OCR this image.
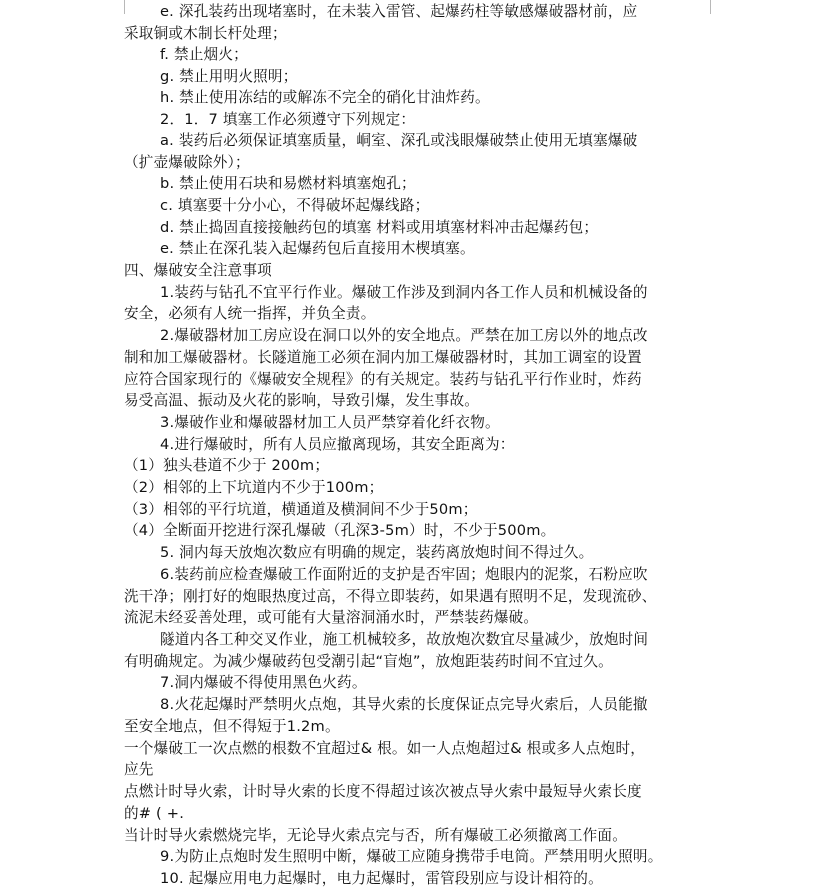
e. 深孔装药出现堵塞时，在未装入雷管、起爆药柱等敏感爆破器材前，应
采取铜或木制长杆处理；
f. 禁止烟火；
g. 禁止用明火照明；
h. 禁止使用冻结的或解冻不完全的硝化甘油炸药。
2．1．7 填塞工作必须遵守下列规定：
a. 装药后必须保证填塞质量，峒室、深孔或浅眼爆破禁止使用无填塞爆破
（扩壶爆破除外）；
b. 禁止使用石块和易燃材料填塞炮孔；
c. 填塞要十分小心，不得破坏起爆线路；
d. 禁止捣固直接接触药包的填塞 材料或用填塞材料冲击起爆药包；
e. 禁止在深孔装入起爆药包后直接用木楔填塞。
四、爆破安全注意事项
1.装药与钻孔不宜平行作业。爆破工作涉及到洞内各工作人员和机械设备的
安全，必须有人统一指挥，并负全责。
2.爆破器材加工房应设在洞口以外的安全地点。严禁在加工房以外的地点改
制和加工爆破器材。长隧道施工必须在洞内加工爆破器材时，其加工调室的设置
应符合国家现行的《爆破安全规程》的有关规定。装药与钻孔平行作业时，炸药
易受高温、振动及火花的影响，导致引爆，发生事故。
3.爆破作业和爆破器材加工人员严禁穿着化纤衣物。
4.进行爆破时，所有人员应撤离现场，其安全距离为：
（1）独头巷道不少于 200m；
（2）相邻的上下坑道内不少于100m；
（3）相邻的平行坑道，横通道及横洞间不少于50m；
（4）全断面开挖进行深孔爆破（孔深3-5m）时，不少于500m。
5. 洞内每天放炮次数应有明确的规定，装药离放炮时间不得过久。
6.装药前应检查爆破工作面附近的支护是否牢固；炮眼内的泥浆，石粉应吹
洗干净；刚打好的炮眼热度过高，不得立即装药，如果遇有照明不足，发现流砂、
流泥未经妥善处理，或可能有大量溶洞涌水时，严禁装药爆破。
隧道内各工种交叉作业，施工机械较多，故放炮次数宜尽量减少，放炮时间
有明确规定。为减少爆破药包受潮引起“盲炮”，放炮距装药时间不宜过久。
7.洞内爆破不得使用黑色火药。
8.火花起爆时严禁明火点炮，其导火索的长度保证点完导火索后，人员能撤
至安全地点，但不得短于1.2m。
一个爆破工一次点燃的根数不宜超过& 根。如一人点炮超过& 根或多人点炮时，
应先
点燃计时导火索，计时导火索的长度不得超过该次被点导火索中最短导火索长度
的# ( +.
当计时导火索燃烧完毕，无论导火索点完与否，所有爆破工必须撤离工作面。
9.为防止点炮时发生照明中断，爆破工应随身携带手电筒。严禁用明火照明。
10. 起爆应用电力起爆时，电力起爆时，雷管段别应与设计相符的。
